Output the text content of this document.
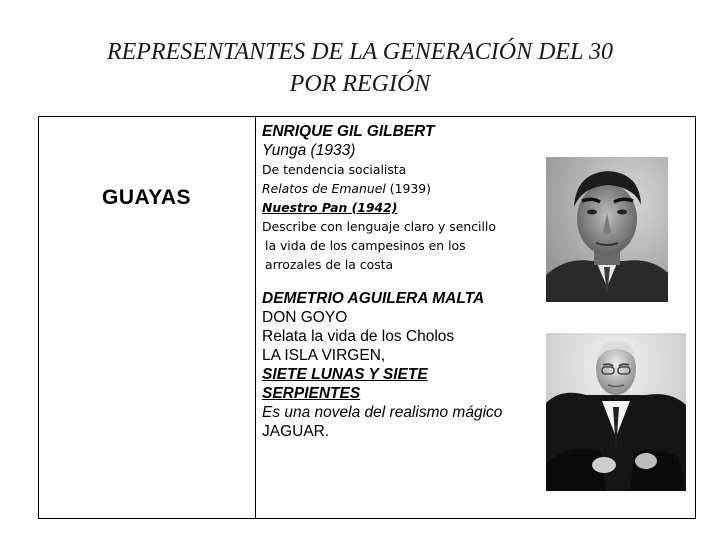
REPRESENTANTES DE LA GENERACIÓN DEL 30
POR REGIÓN
GUAYAS
ENRIQUE GIL GILBERT
Yunga (1933)
De tendencia socialista
Relatos de Emanuel (1939)
Nuestro Pan (1942)
Describe con lenguaje claro y sencillo
la vida de los campesinos en los
arrozales de la costa
DEMETRIO AGUILERA MALTA
DON GOYO
Relata la vida de los Cholos
LA ISLA VIRGEN,
SIETE LUNAS Y SIETE
SERPIENTES
Es una novela del realismo mágico
JAGUAR.
